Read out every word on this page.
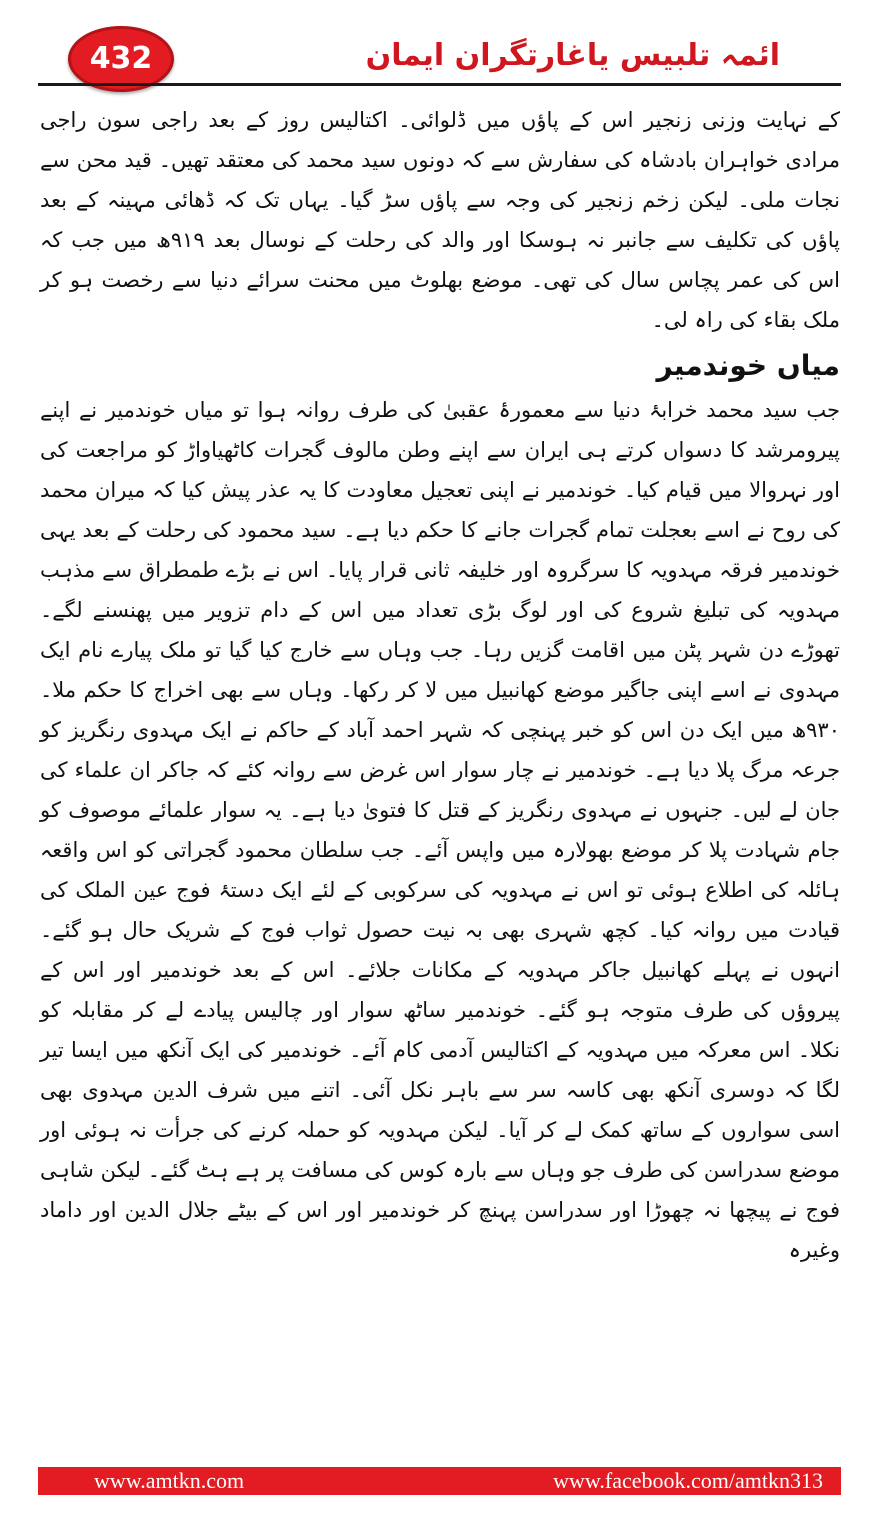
432	ائمہ تلبیس یاغارتگران ایمان

کے نہایت وزنی زنجیر اس کے پاؤں میں ڈلوائی۔ اکتالیس روز کے بعد راجی سون راجی مرادی خواہران بادشاہ کی سفارش سے کہ دونوں سید محمد کی معتقد تھیں۔ قید محن سے نجات ملی۔ لیکن زخم زنجیر کی وجہ سے پاؤں سڑ گیا۔ یہاں تک کہ ڈھائی مہینہ کے بعد پاؤں کی تکلیف سے جانبر نہ ہوسکا اور والد کی رحلت کے نوسال بعد ۹۱۹ھ میں جب کہ اس کی عمر پچاس سال کی تھی۔ موضع بھلوٹ میں محنت سرائے دنیا سے رخصت ہو کر ملک بقاء کی راہ لی۔

میاں خوندمیر

جب سید محمد خرابۂ دنیا سے معمورۂ عقبیٰ کی طرف روانہ ہوا تو میاں خوندمیر نے اپنے پیرومرشد کا دسواں کرتے ہی ایران سے اپنے وطن مالوف گجرات کاٹھیاواڑ کو مراجعت کی اور نہروالا میں قیام کیا۔ خوندمیر نے اپنی تعجیل معاودت کا یہ عذر پیش کیا کہ میران محمد کی روح نے اسے بعجلت تمام گجرات جانے کا حکم دیا ہے۔ سید محمود کی رحلت کے بعد یہی خوندمیر فرقہ مہدویہ کا سرگروہ اور خلیفہ ثانی قرار پایا۔ اس نے بڑے طمطراق سے مذہب مہدویہ کی تبلیغ شروع کی اور لوگ بڑی تعداد میں اس کے دام تزویر میں پھنسنے لگے۔ تھوڑے دن شہر پٹن میں اقامت گزیں رہا۔ جب وہاں سے خارج کیا گیا تو ملک پیارے نام ایک مہدوی نے اسے اپنی جاگیر موضع کھانبیل میں لا کر رکھا۔ وہاں سے بھی اخراج کا حکم ملا۔ ۹۳۰ھ میں ایک دن اس کو خبر پہنچی کہ شہر احمد آباد کے حاکم نے ایک مہدوی رنگریز کو جرعہ مرگ پلا دیا ہے۔ خوندمیر نے چار سوار اس غرض سے روانہ کئے کہ جاکر ان علماء کی جان لے لیں۔ جنہوں نے مہدوی رنگریز کے قتل کا فتویٰ دیا ہے۔ یہ سوار علمائے موصوف کو جام شہادت پلا کر موضع بھولارہ میں واپس آئے۔ جب سلطان محمود گجراتی کو اس واقعہ ہائلہ کی اطلاع ہوئی تو اس نے مہدویہ کی سرکوبی کے لئے ایک دستۂ فوج عین الملک کی قیادت میں روانہ کیا۔ کچھ شہری بھی بہ نیت حصول ثواب فوج کے شریک حال ہو گئے۔ انہوں نے پہلے کھانبیل جاکر مہدویہ کے مکانات جلائے۔ اس کے بعد خوندمیر اور اس کے پیروؤں کی طرف متوجہ ہو گئے۔ خوندمیر ساٹھ سوار اور چالیس پیادے لے کر مقابلہ کو نکلا۔ اس معرکہ میں مہدویہ کے اکتالیس آدمی کام آئے۔ خوندمیر کی ایک آنکھ میں ایسا تیر لگا کہ دوسری آنکھ بھی کاسہ سر سے باہر نکل آئی۔ اتنے میں شرف الدین مہدوی بھی اسی سواروں کے ساتھ کمک لے کر آیا۔ لیکن مہدویہ کو حملہ کرنے کی جرأت نہ ہوئی اور موضع سدراسن کی طرف جو وہاں سے بارہ کوس کی مسافت پر ہے ہٹ گئے۔ لیکن شاہی فوج نے پیچھا نہ چھوڑا اور سدراسن پہنچ کر خوندمیر اور اس کے بیٹے جلال الدین اور داماد وغیرہ

www.amtkn.com	www.facebook.com/amtkn313
